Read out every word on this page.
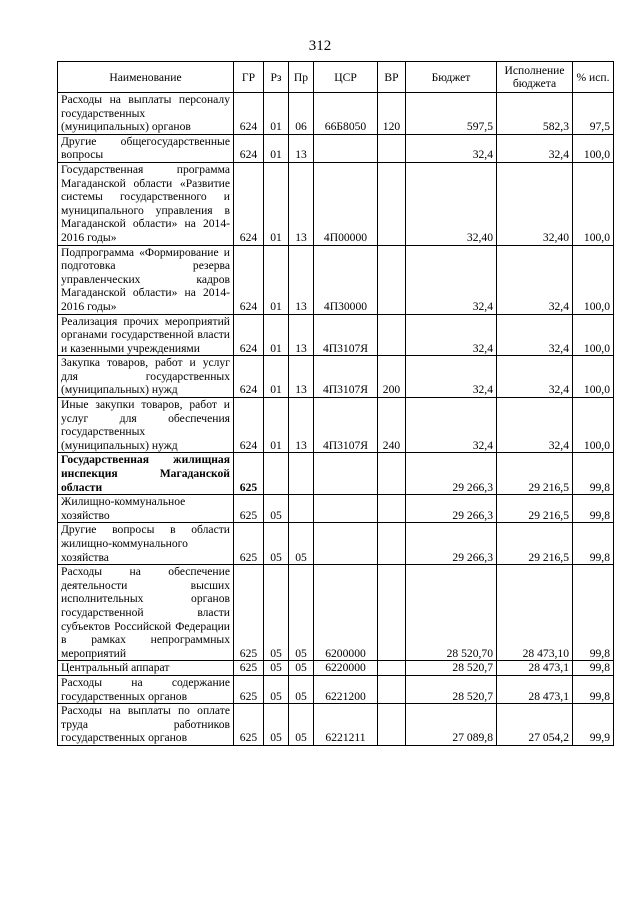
312
Наименование	ГР	Рз	Пр	ЦСР	ВР	Бюджет	Исполнение бюджета	% исп.
Расходы на выплаты персоналу государственных (муниципальных) органов	624	01	06	66Б8050	120	597,5	582,3	97,5
Другие общегосударственные вопросы	624	01	13			32,4	32,4	100,0
Государственная программа Магаданской области «Развитие системы государственного и муниципального управления в Магаданской области» на 2014-2016 годы»	624	01	13	4П00000		32,40	32,40	100,0
Подпрограмма «Формирование и подготовка резерва управленческих кадров Магаданской области» на 2014-2016 годы»	624	01	13	4П30000		32,4	32,4	100,0
Реализация прочих мероприятий органами государственной власти и казенными учреждениями	624	01	13	4П3107Я		32,4	32,4	100,0
Закупка товаров, работ и услуг для государственных (муниципальных) нужд	624	01	13	4П3107Я	200	32,4	32,4	100,0
Иные закупки товаров, работ и услуг для обеспечения государственных (муниципальных) нужд	624	01	13	4П3107Я	240	32,4	32,4	100,0
Государственная жилищная инспекция Магаданской области	625					29 266,3	29 216,5	99,8
Жилищно-коммунальное хозяйство	625	05				29 266,3	29 216,5	99,8
Другие вопросы в области жилищно-коммунального хозяйства	625	05	05			29 266,3	29 216,5	99,8
Расходы на обеспечение деятельности высших исполнительных органов государственной власти субъектов Российской Федерации в рамках непрограммных мероприятий	625	05	05	6200000		28 520,70	28 473,10	99,8
Центральный аппарат	625	05	05	6220000		28 520,7	28 473,1	99,8
Расходы на содержание государственных органов	625	05	05	6221200		28 520,7	28 473,1	99,8
Расходы на выплаты по оплате труда работников государственных органов	625	05	05	6221211		27 089,8	27 054,2	99,9
